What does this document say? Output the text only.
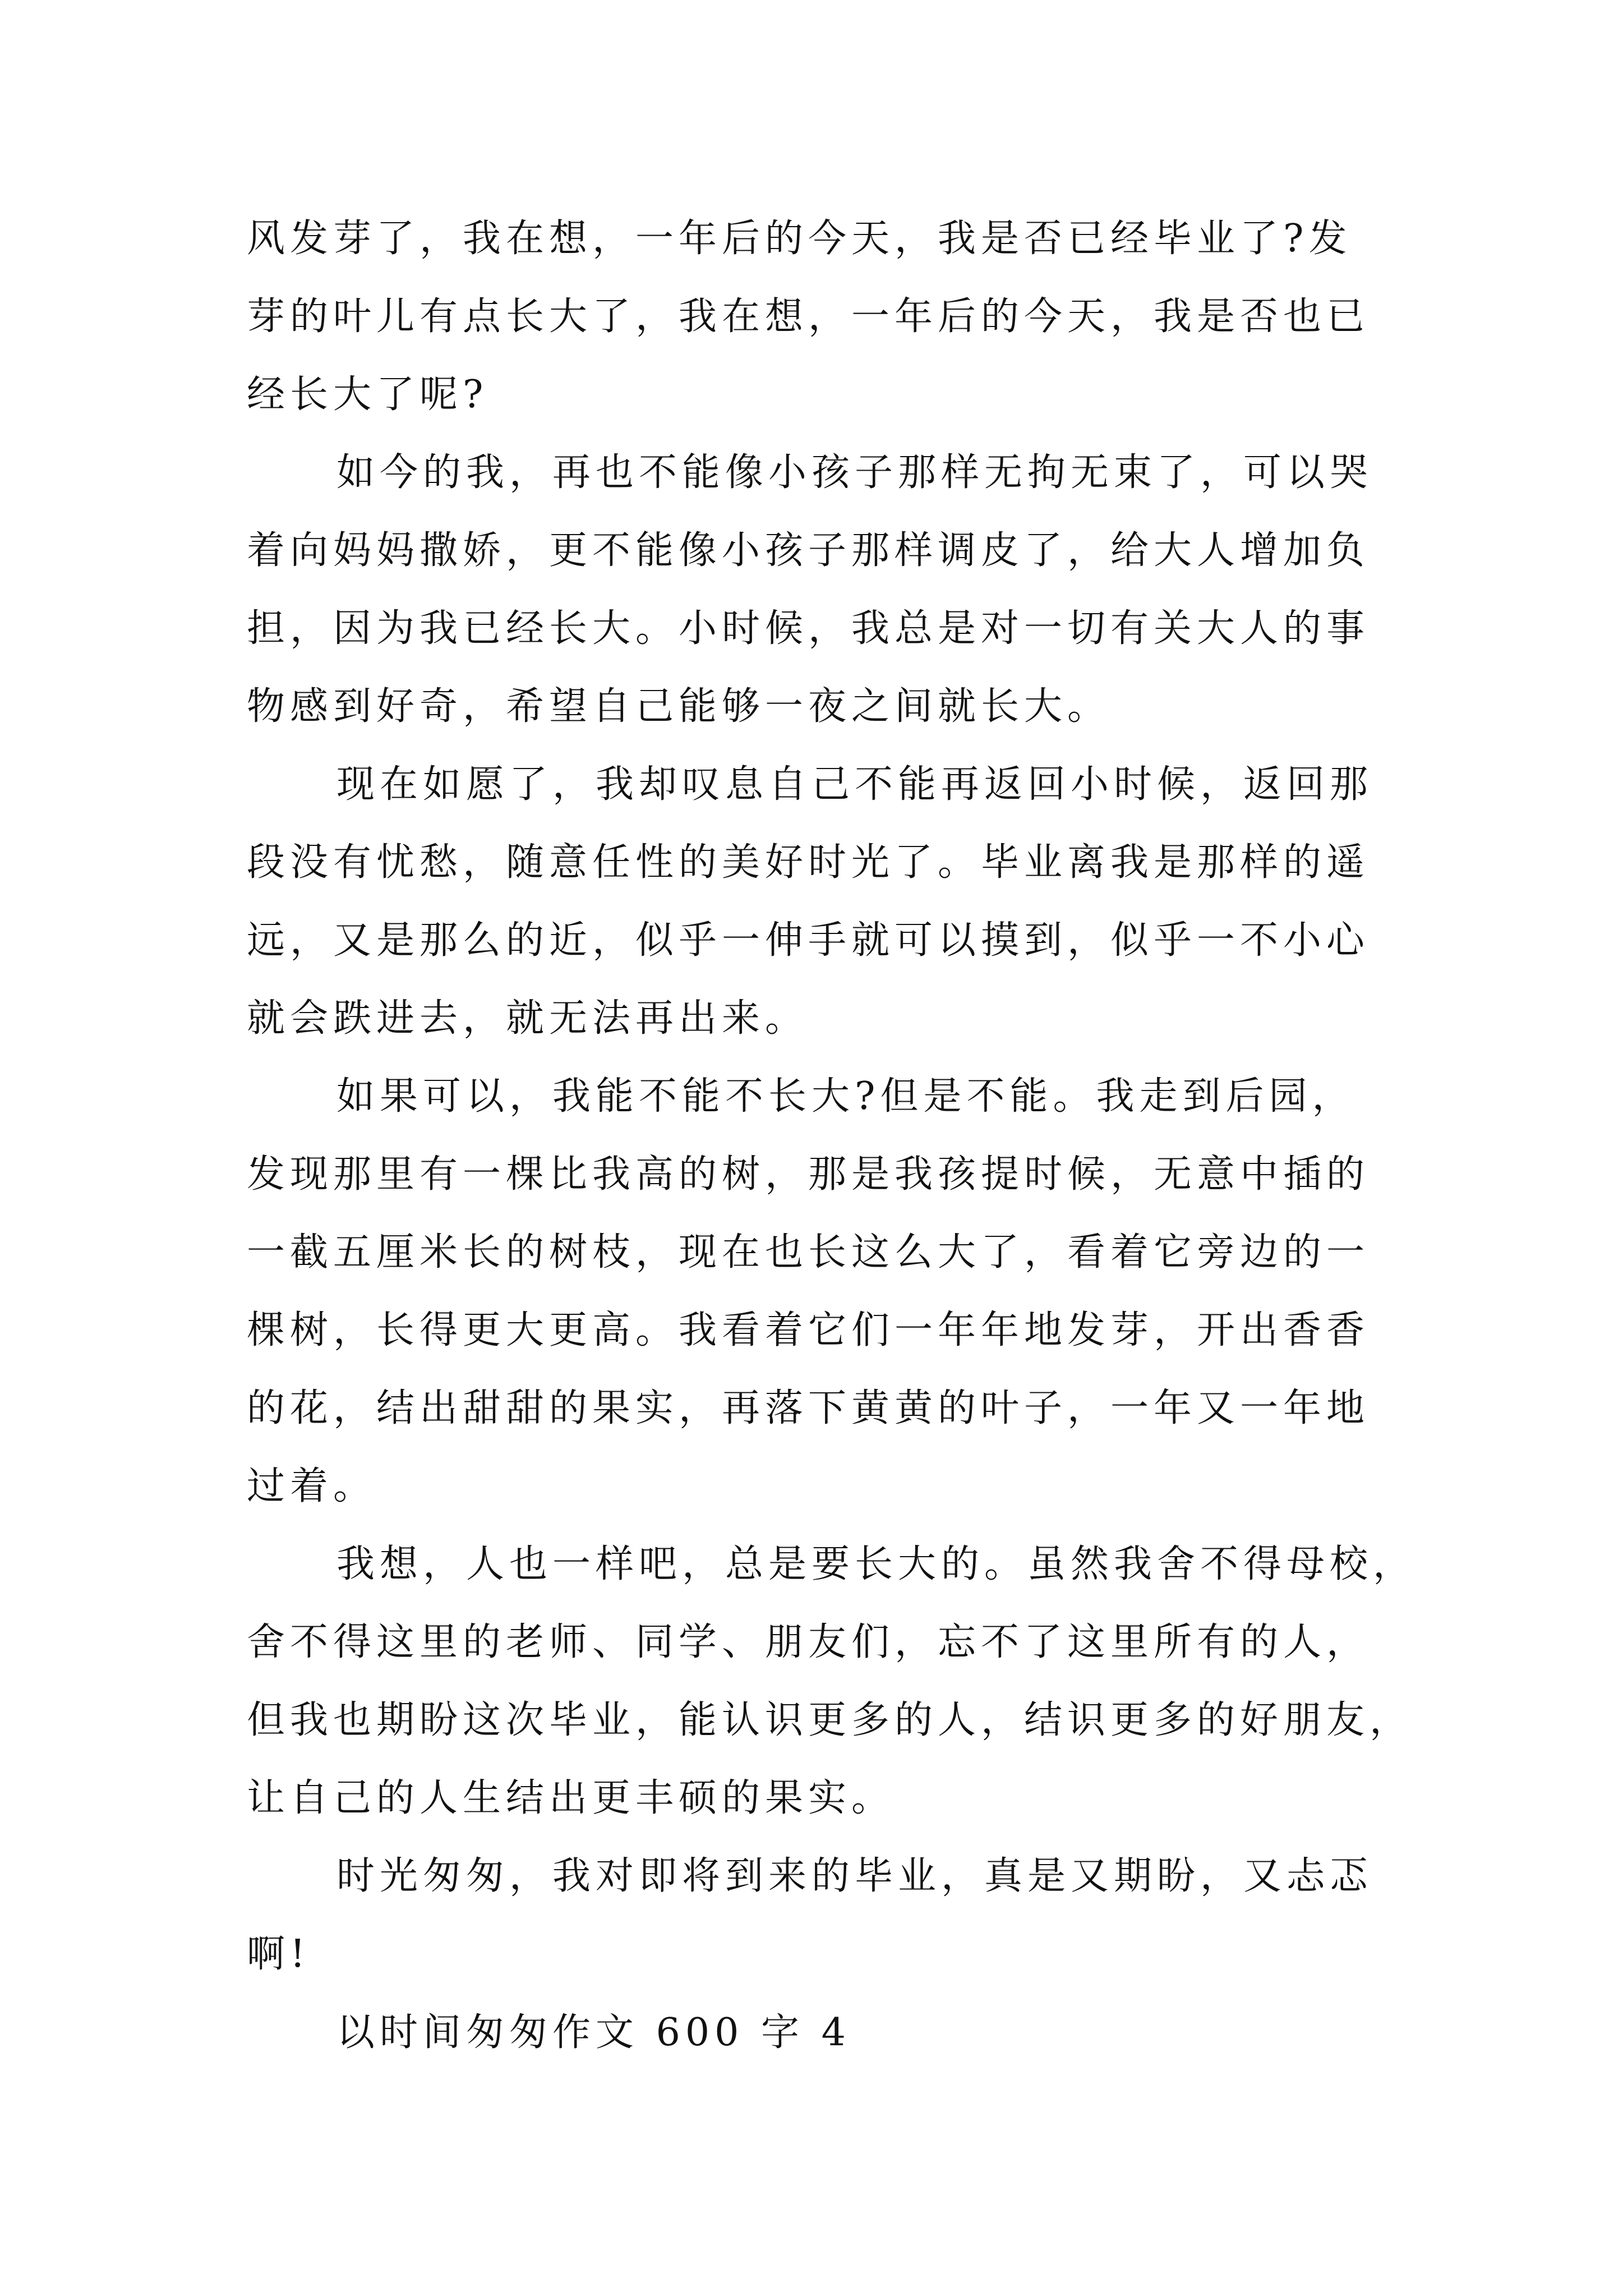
风发芽了，我在想，一年后的今天，我是否已经毕业了?发

芽的叶儿有点长大了，我在想，一年后的今天，我是否也已

经长大了呢?

如今的我，再也不能像小孩子那样无拘无束了，可以哭

着向妈妈撒娇，更不能像小孩子那样调皮了，给大人增加负

担，因为我已经长大。小时候，我总是对一切有关大人的事

物感到好奇，希望自己能够一夜之间就长大。

现在如愿了，我却叹息自己不能再返回小时候，返回那

段没有忧愁，随意任性的美好时光了。毕业离我是那样的遥

远，又是那么的近，似乎一伸手就可以摸到，似乎一不小心

就会跌进去，就无法再出来。

如果可以，我能不能不长大?但是不能。我走到后园，

发现那里有一棵比我高的树，那是我孩提时候，无意中插的

一截五厘米长的树枝，现在也长这么大了，看着它旁边的一

棵树，长得更大更高。我看着它们一年年地发芽，开出香香

的花，结出甜甜的果实，再落下黄黄的叶子，一年又一年地

过着。

我想，人也一样吧，总是要长大的。虽然我舍不得母校，

舍不得这里的老师、同学、朋友们，忘不了这里所有的人，

但我也期盼这次毕业，能认识更多的人，结识更多的好朋友，

让自己的人生结出更丰硕的果实。

时光匆匆，我对即将到来的毕业，真是又期盼，又忐忑

啊!

以时间匆匆作文 600 字 4
